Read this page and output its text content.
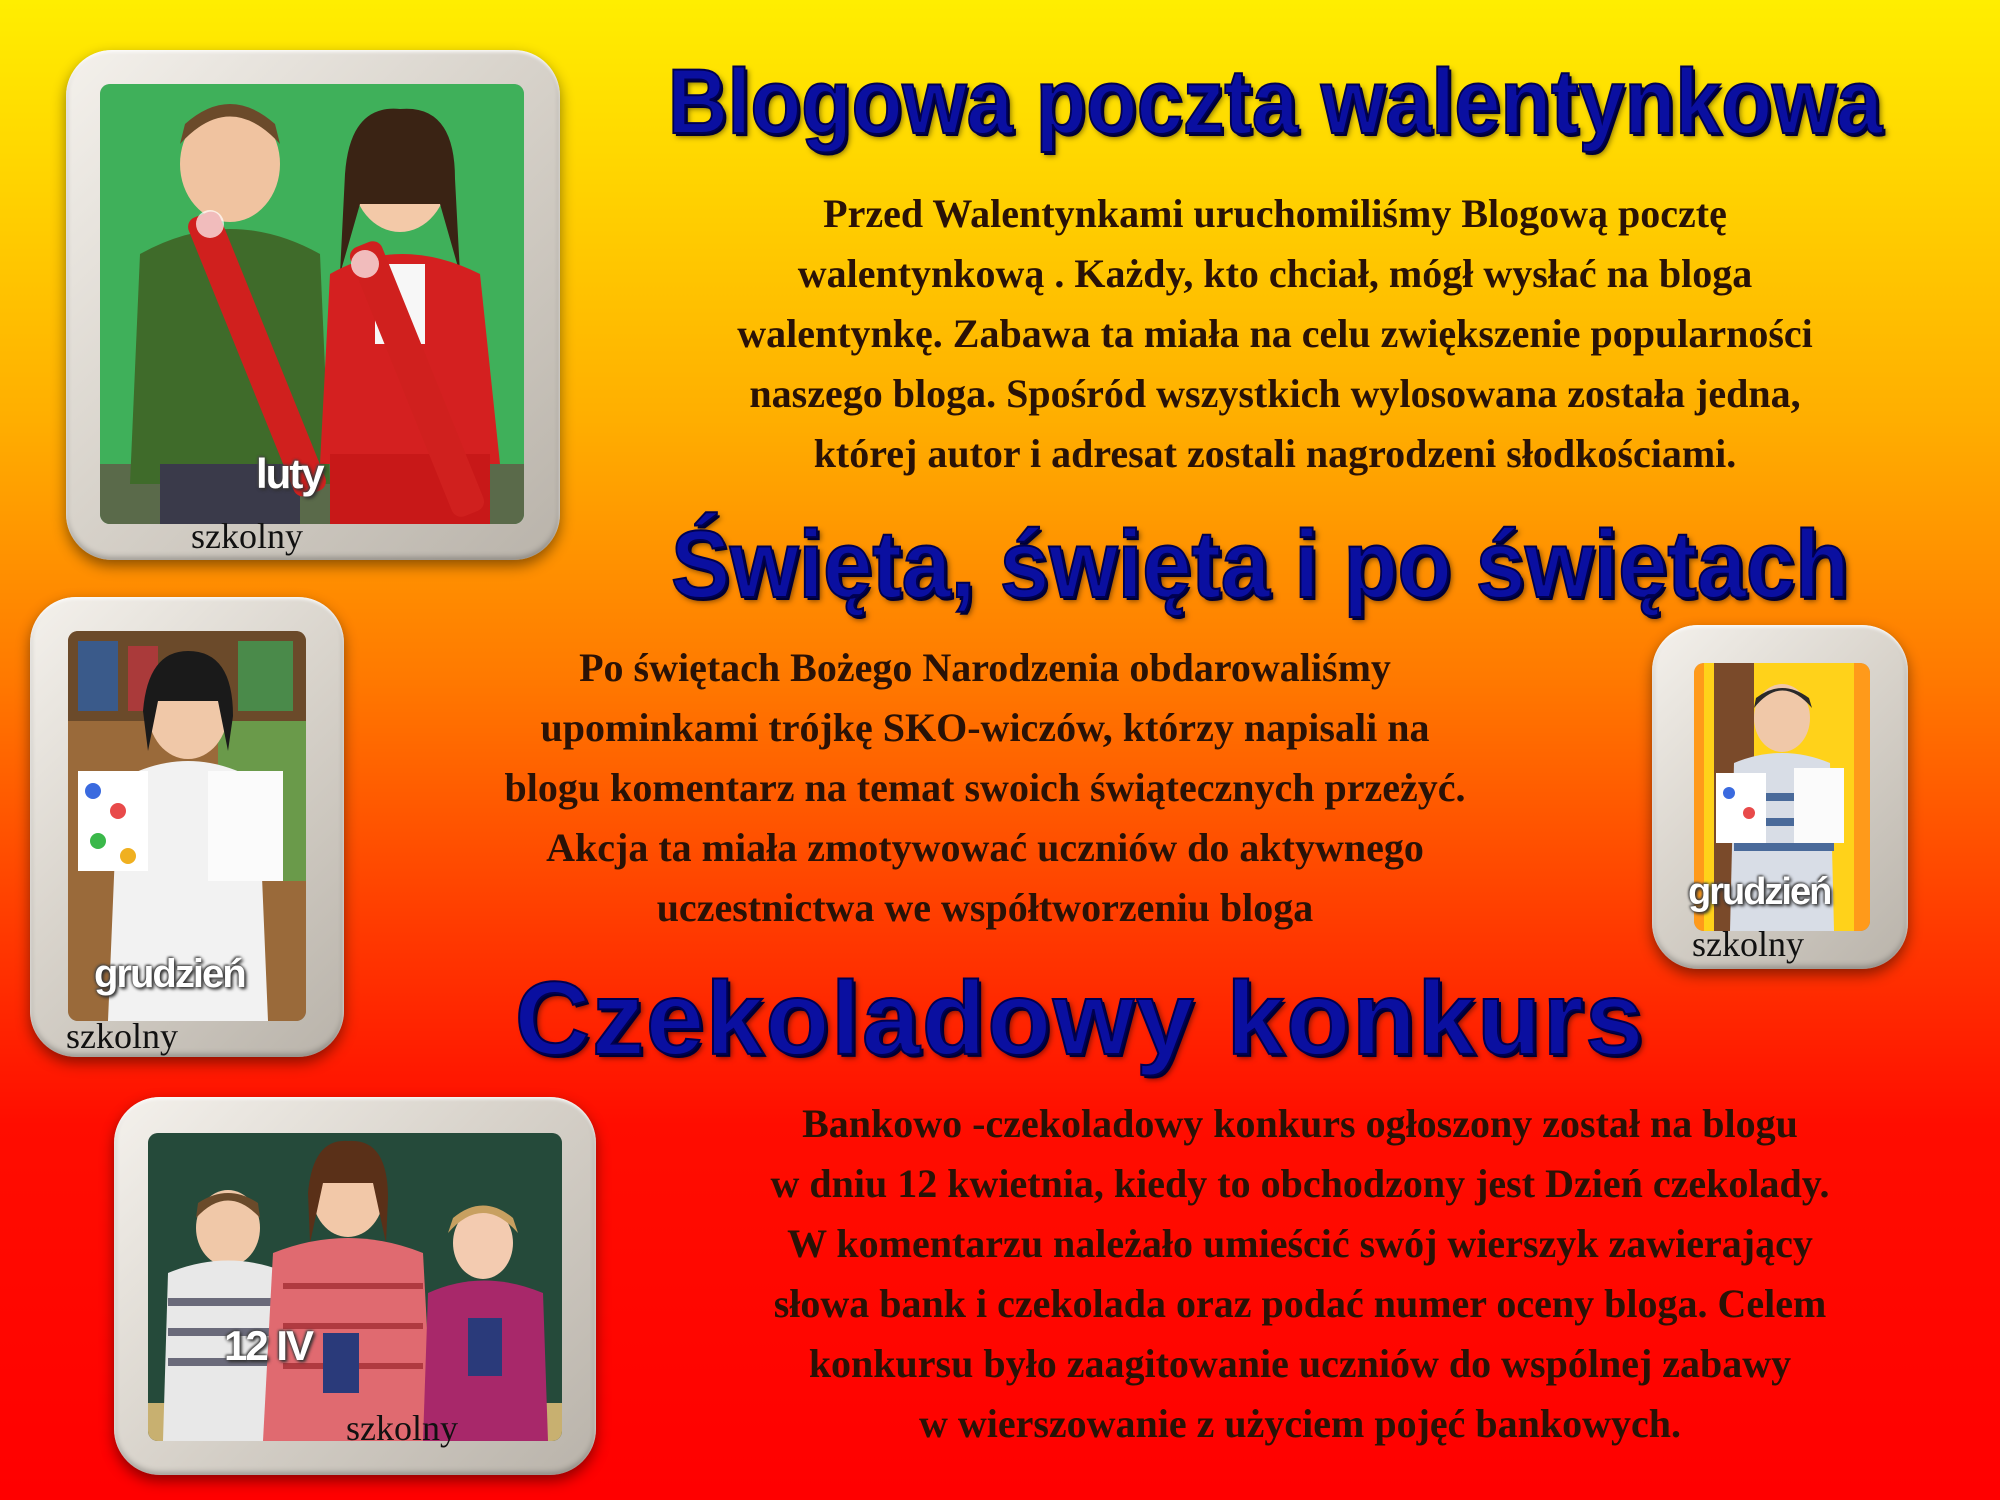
luty
szkolny
grudzień
szkolny
grudzień
szkolny
12 IV
szkolny
Blogowa poczta walentynkowa
Przed Walentynkami uruchomiliśmy Blogową pocztę
walentynkową . Każdy, kto chciał, mógł wysłać na bloga
walentynkę. Zabawa ta miała na celu zwiększenie popularności
naszego bloga. Spośród wszystkich wylosowana została jedna,
której autor i adresat zostali nagrodzeni słodkościami.
Święta, święta i po świętach
Po świętach Bożego Narodzenia obdarowaliśmy
upominkami trójkę SKO-wiczów, którzy napisali na
blogu komentarz na temat swoich świątecznych przeżyć.
Akcja ta miała zmotywować uczniów do aktywnego
uczestnictwa we współtworzeniu bloga
Czekoladowy konkurs
Bankowo -czekoladowy konkurs ogłoszony został na blogu
w dniu 12 kwietnia, kiedy to obchodzony jest Dzień czekolady.
W komentarzu należało umieścić swój wierszyk zawierający
słowa bank i czekolada oraz podać numer oceny bloga. Celem
konkursu było zaagitowanie uczniów do wspólnej zabawy
w wierszowanie z użyciem pojęć bankowych.
